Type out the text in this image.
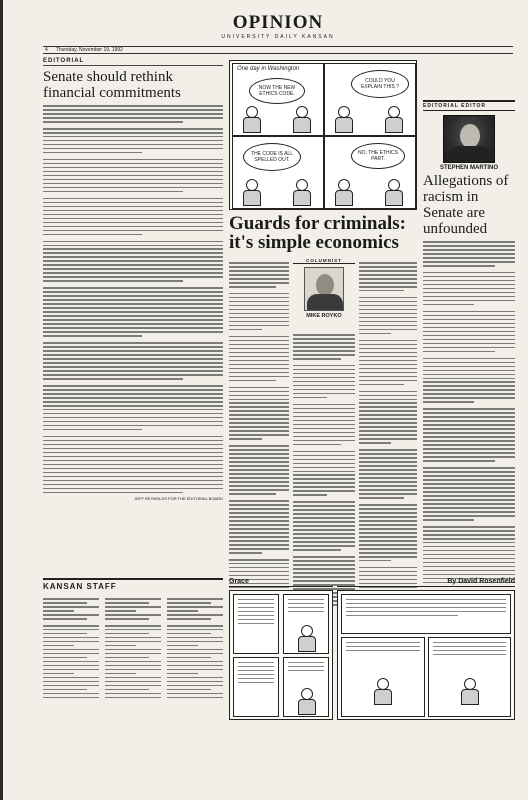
OPINION
UNIVERSITY DAILY KANSAN
4 Thursday, November 19, 1992
EDITORIAL
Senate should rethink financial commitments
JEFF REYNOLDS FOR THE EDITORIAL BOARD
One day in Washington
NOW THE NEW ETHICS CODE.
COULD YOU EXPLAIN THIS ?
THE CODE IS ALL SPELLED OUT.
NO, THE ETHICS PART.
EDITORIAL EDITOR
STEPHEN MARTINO
Allegations of racism in Senate are unfounded
Guards for criminals: it's simple economics
COLUMNIST
MIKE ROYKO
KANSAN STAFF
Grace	By David Rosenfield
